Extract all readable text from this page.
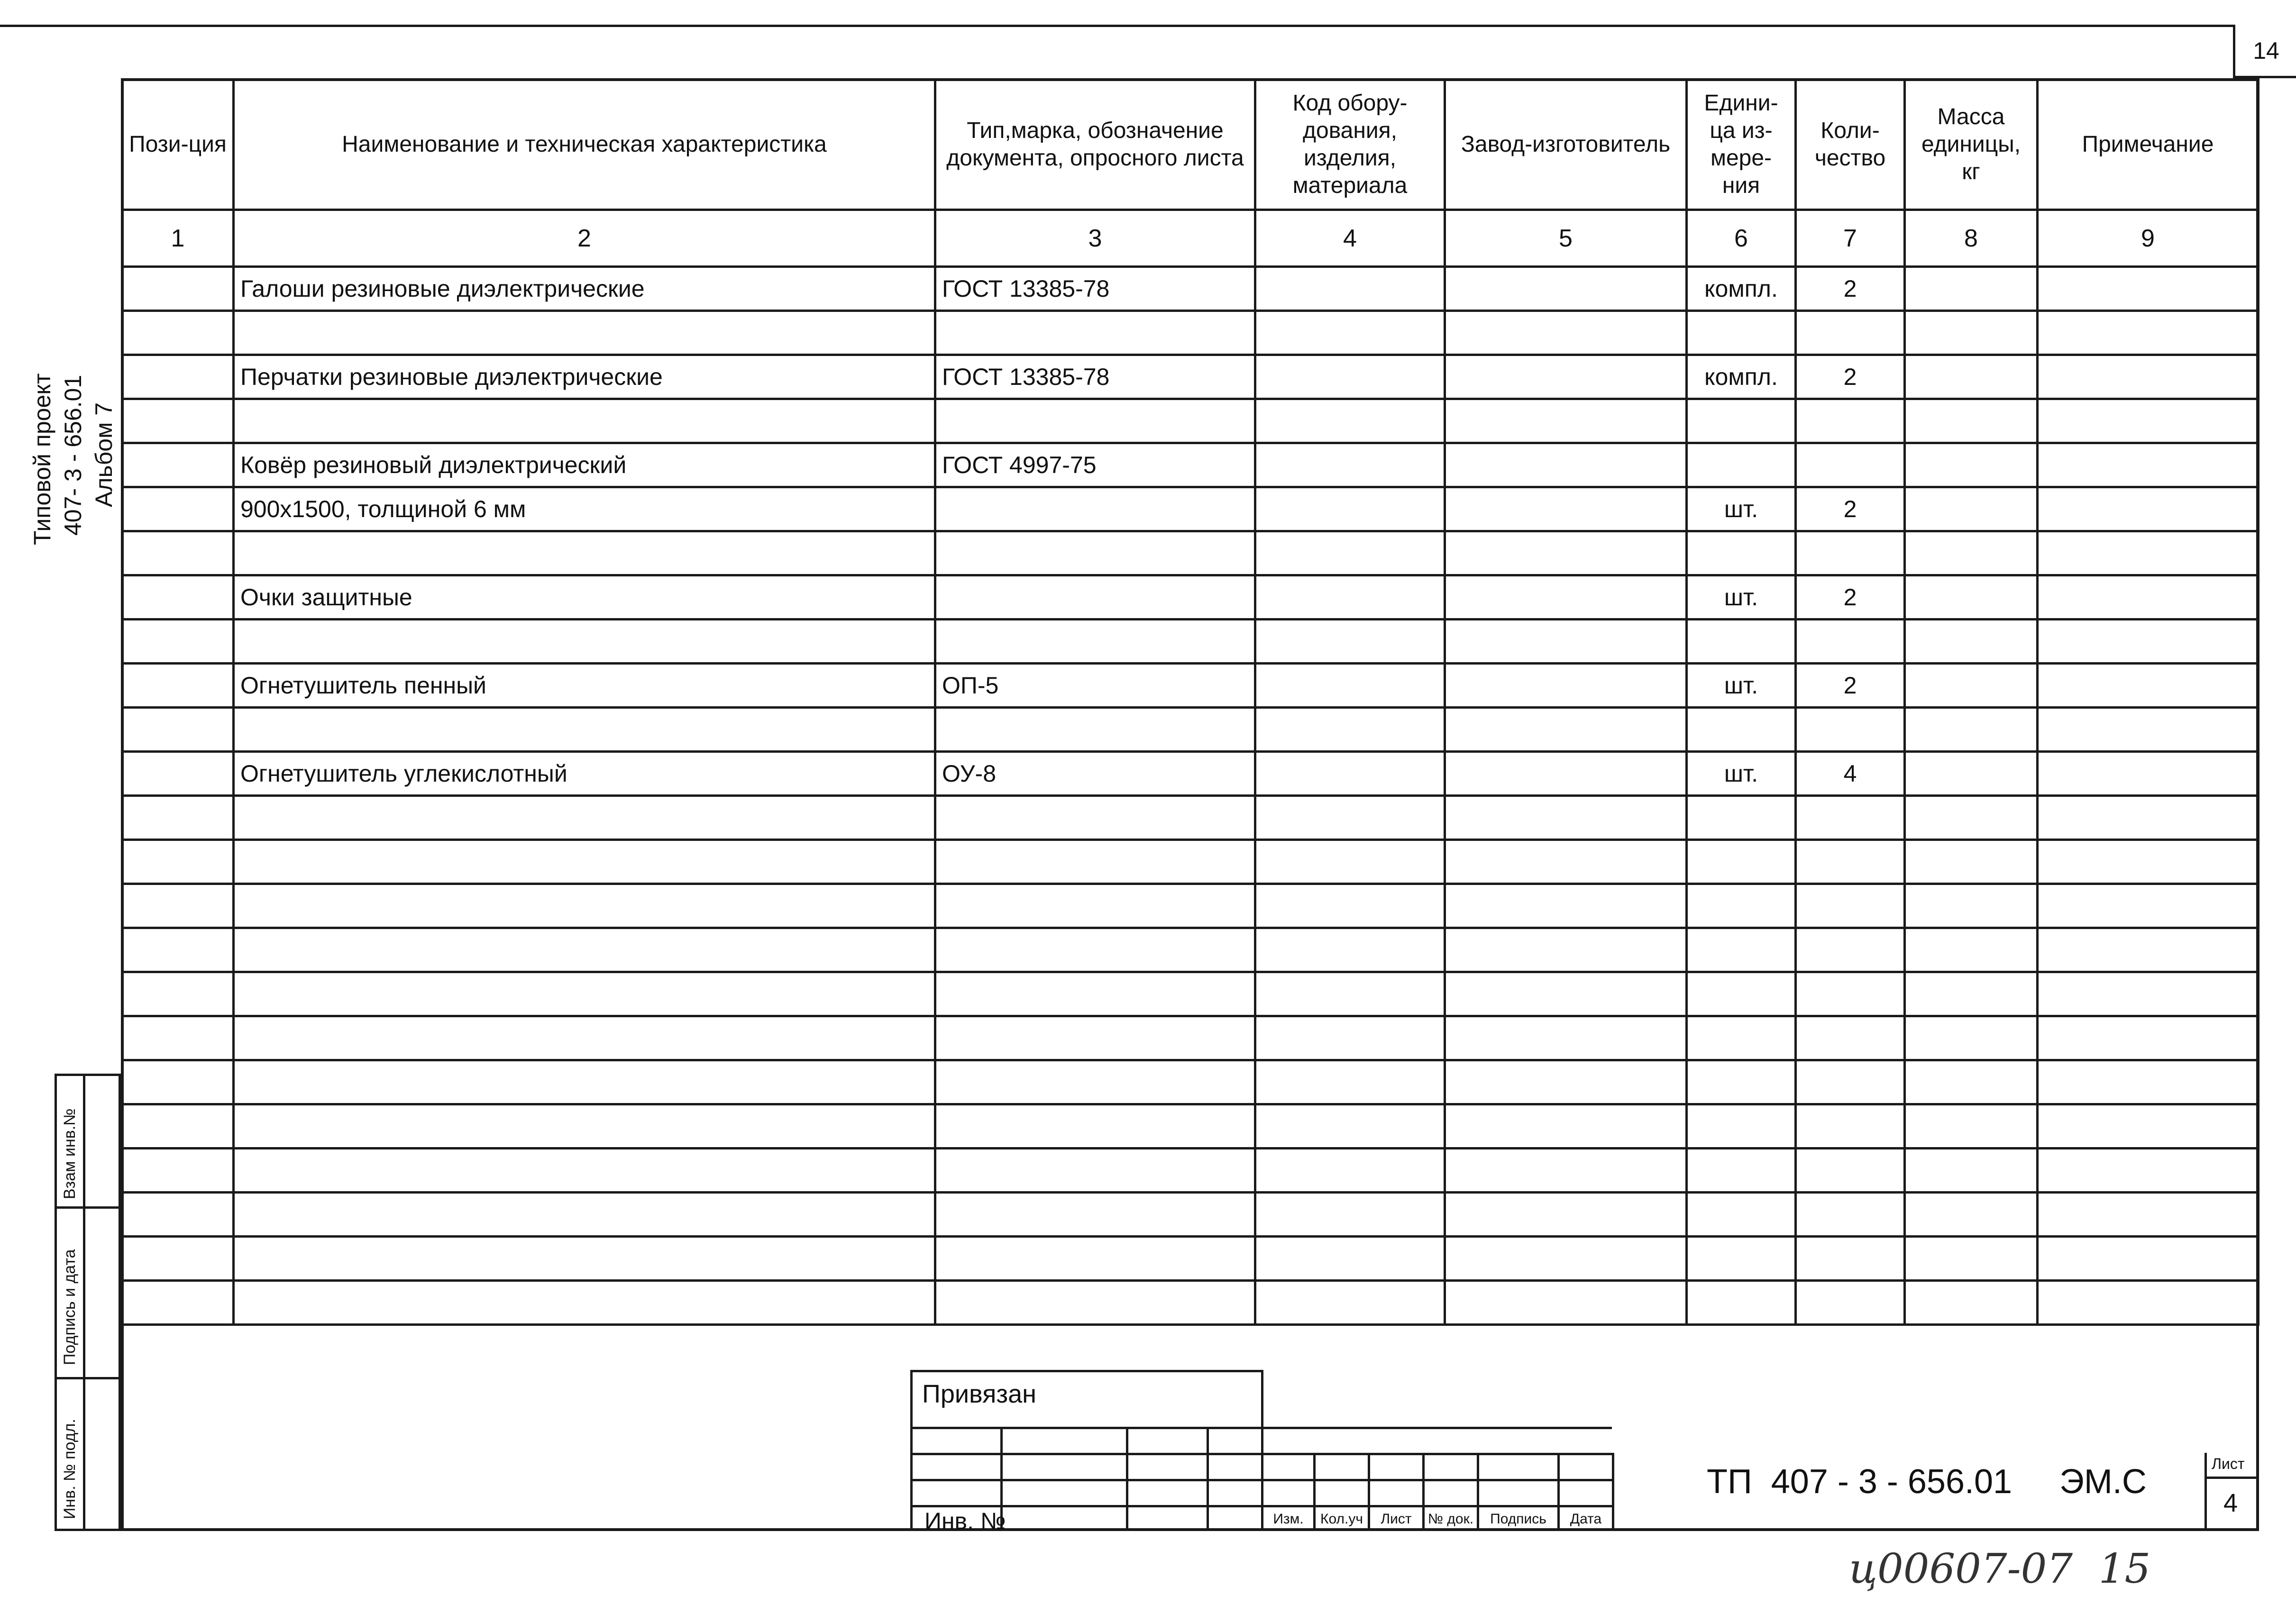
14
Типовой проект 407- 3 - 656.01 Альбом 7
Взам инв.№
Подпись и дата
Инв. № подл.
Пози-ция	Наименование и техническая характеристика	Тип,марка, обозначение документа, опросного листа	Код обору-дования, изделия, материала	Завод-изготовитель	Едини-ца из-мере-ния	Коли-чество	Масса единицы, кг	Примечание
1	2	3	4	5	6	7	8	9
	Галоши резиновые диэлектрические	ГОСТ 13385-78			компл.	2		

	Перчатки резиновые диэлектрические	ГОСТ 13385-78			компл.	2		

	Ковёр резиновый диэлектрический	ГОСТ 4997-75						
	900х1500, толщиной 6 мм				шт.	2		

	Очки защитные				шт.	2		

	Огнетушитель пенный	ОП-5			шт.	2		

	Огнетушитель углекислотный	ОУ-8			шт.	4		

Привязан
Инв. №	Изм.	Кол.уч	Лист	№ док.	Подпись	Дата
ТП  407 - 3 - 656.01     ЭМ.С	Лист
4
ц00607-07  15
